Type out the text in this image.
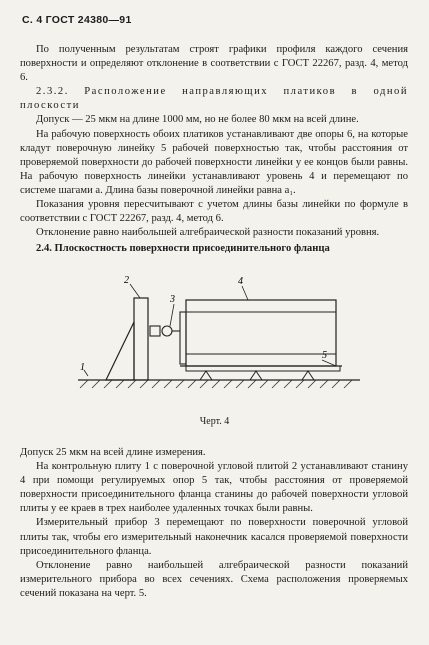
С. 4 ГОСТ 24380—91

По полученным результатам строят графики профиля каждого сечения поверхности и определяют отклонение в соответствии с ГОСТ 22267, разд. 4, метод 6.

2.3.2. Расположение направляющих платиков в одной плоскости

Допуск — 25 мкм на длине 1000 мм, но не более 80 мкм на всей длине.

На рабочую поверхность обоих платиков устанавливают две опоры 6, на которые кладут поверочную линейку 5 рабочей поверхностью так, чтобы расстояния от проверяемой поверхности до рабочей поверхности линейки у ее концов были равны. На рабочую поверхность линейки устанавливают уровень 4 и перемещают по системе шагами a. Длина базы поверочной линейки равна a₁.

Показания уровня пересчитывают с учетом длины базы линейки по формуле в соответствии с ГОСТ 22267, разд. 4, метод 6.

Отклонение равно наибольшей алгебраической разности показаний уровня.

2.4. Плоскостность поверхности присоединительного фланца

1
2
3
4
5
Черт. 4

Допуск 25 мкм на всей длине измерения.

На контрольную плиту 1 с поверочной угловой плитой 2 устанавливают станину 4 при помощи регулируемых опор 5 так, чтобы расстояния от проверяемой поверхности присоединительного фланца станины до рабочей поверхности угловой плиты у ее краев в трех наиболее удаленных точках были равны.

Измерительный прибор 3 перемещают по поверхности поверочной угловой плиты так, чтобы его измерительный наконечник касался проверяемой поверхности присоединительного фланца.

Отклонение равно наибольшей алгебраической разности показаний измерительного прибора во всех сечениях. Схема расположения проверяемых сечений показана на черт. 5.
